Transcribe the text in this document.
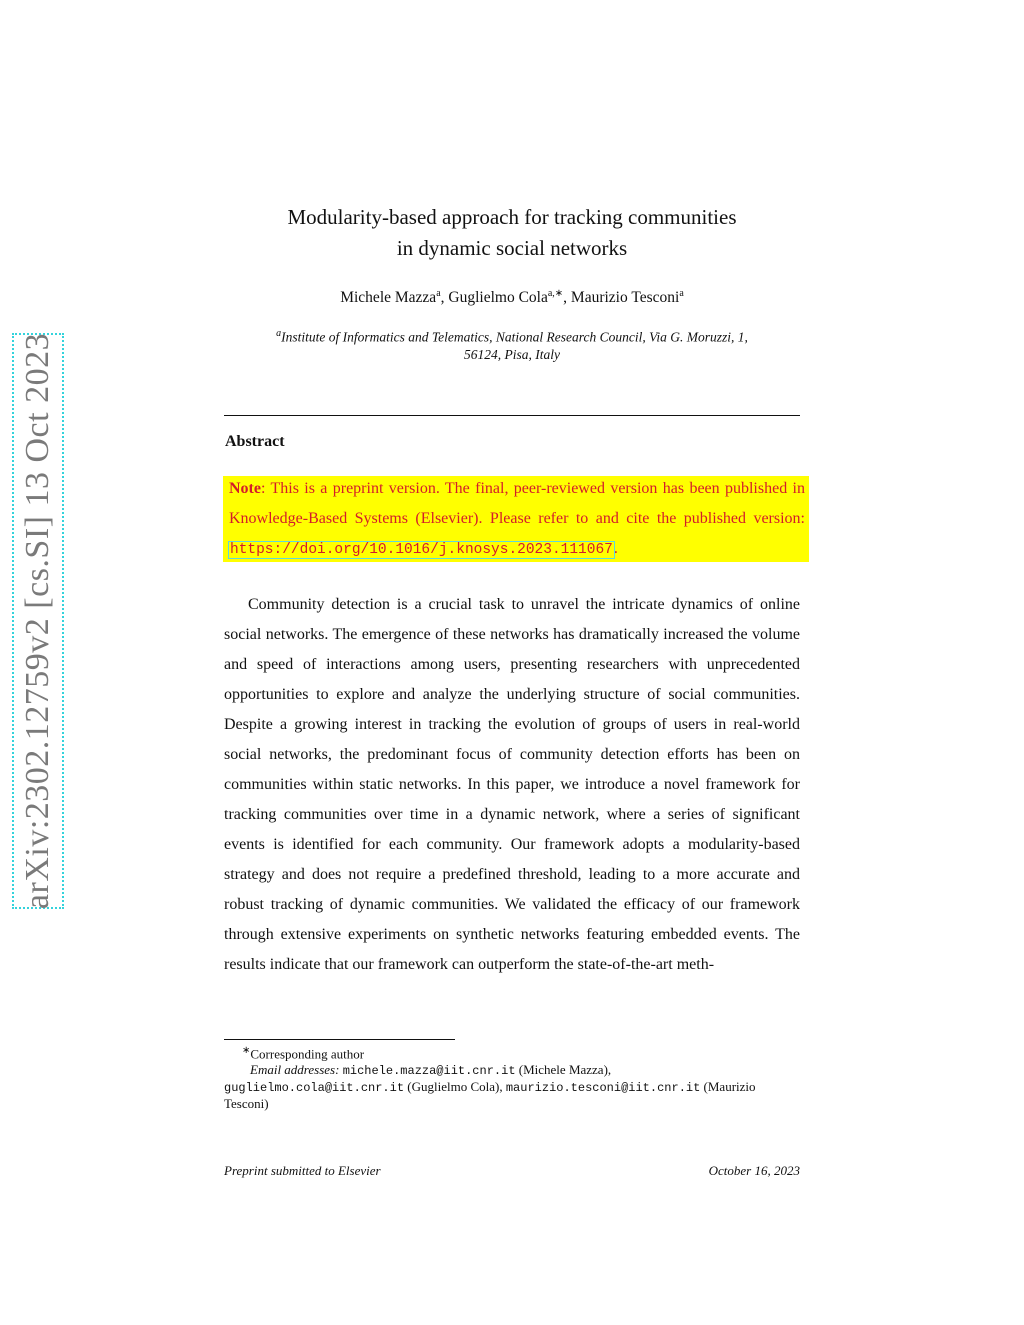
arXiv:2302.12759v2 [cs.SI] 13 Oct 2023
Modularity-based approach for tracking communities
in dynamic social networks
Michele Mazza$^a$, Guglielmo Cola$^{a,∗}$, Maurizio Tesconi$^a$
$^a$Institute of Informatics and Telematics, National Research Council, Via G. Moruzzi, 1,
56124, Pisa, Italy
Abstract
Note: This is a preprint version. The final, peer-reviewed version has been published in Knowledge-Based Systems (Elsevier). Please refer to and cite the published version: https://doi.org/10.1016/j.knosys.2023.111067.
Community detection is a crucial task to unravel the intricate dynamics of online social networks. The emergence of these networks has dramatically increased the volume and speed of interactions among users, presenting researchers with unprecedented opportunities to explore and analyze the underlying structure of social communities. Despite a growing interest in tracking the evolution of groups of users in real-world social networks, the predominant focus of community detection efforts has been on communities within static networks. In this paper, we introduce a novel framework for tracking communities over time in a dynamic network, where a series of significant events is identified for each community. Our framework adopts a modularity-based strategy and does not require a predefined threshold, leading to a more accurate and robust tracking of dynamic communities. We validated the efficacy of our framework through extensive experiments on synthetic networks featuring embedded events. The results indicate that our framework can outperform the state-of-the-art meth-
∗Corresponding author
Email addresses: michele.mazza@iit.cnr.it (Michele Mazza),
guglielmo.cola@iit.cnr.it (Guglielmo Cola), maurizio.tesconi@iit.cnr.it (Maurizio
Tesconi)
Preprint submitted to Elsevier	October 16, 2023
